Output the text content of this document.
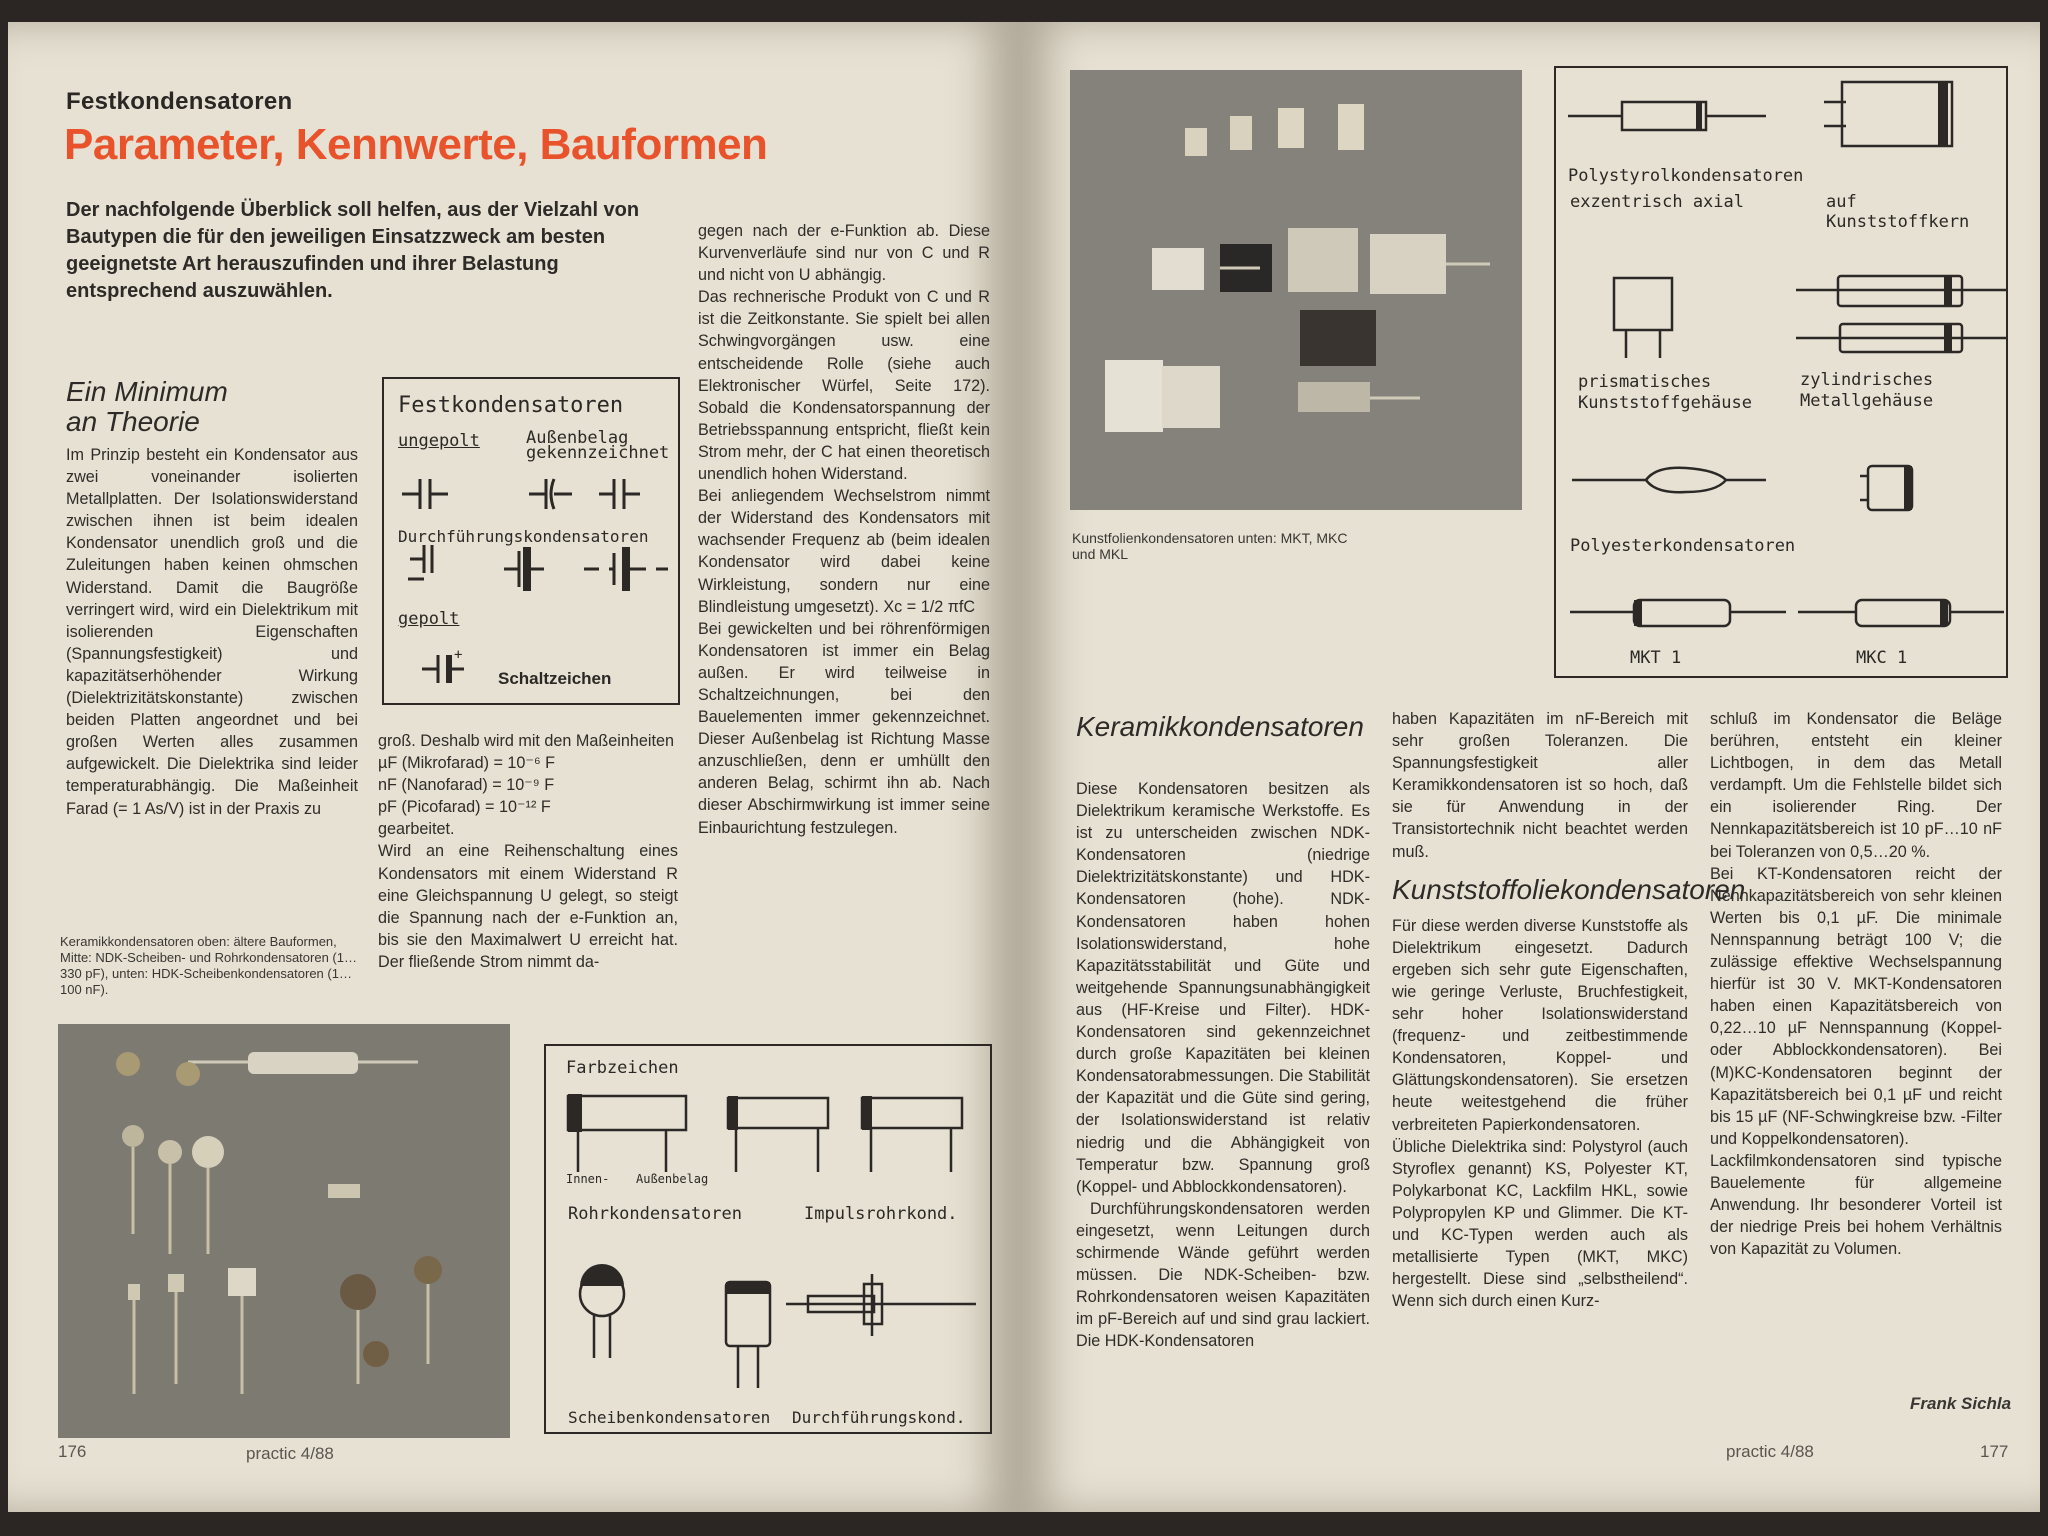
Festkondensatoren
Parameter, Kennwerte, Bauformen
Der nachfolgende Überblick soll helfen, aus der Vielzahl von Bautypen die für den jeweiligen Einsatzzweck am besten geeignetste Art herauszufinden und ihrer Belastung entsprechend auszuwählen.
Ein Minimum an Theorie
Im Prinzip besteht ein Kondensator aus zwei voneinander isolierten Metallplatten. Der Isolationswiderstand zwischen ihnen ist beim idealen Kondensator unendlich groß und die Zuleitungen haben keinen ohmschen Widerstand. Damit die Baugröße verringert wird, wird ein Dielektrikum mit isolierenden Eigenschaften (Spannungsfestigkeit) und kapazitätserhöhender Wirkung (Dielektrizitätskonstante) zwischen beiden Platten angeordnet und bei großen Werten alles zusammen aufgewickelt. Die Dielektrika sind leider temperaturabhängig. Die Maßeinheit Farad (= 1 As/V) ist in der Praxis zu
Festkondensatoren
ungepolt	Außenbelag gekennzeichnet
Durchführungskondensatoren
gepolt
Schaltzeichen
+

groß. Deshalb wird mit den Maßeinheiten

µF (Mikrofarad) = 10⁻⁶ F

nF (Nanofarad) = 10⁻⁹ F

pF (Picofarad) = 10⁻¹² F

gearbeitet.

Wird an eine Reihenschaltung eines Kondensators mit einem Widerstand R eine Gleichspannung U gelegt, so steigt die Spannung nach der e-Funktion an, bis sie den Maximalwert U erreicht hat. Der fließende Strom nimmt da-

gegen nach der e-Funktion ab. Diese Kurvenverläufe sind nur von C und R und nicht von U abhängig.

Das rechnerische Produkt von C und R ist die Zeitkonstante. Sie spielt bei allen Schwingvorgängen usw. eine entscheidende Rolle (siehe auch Elektronischer Würfel, Seite 172). Sobald die Kondensatorspannung der Betriebsspannung entspricht, fließt kein Strom mehr, der C hat einen theoretisch unendlich hohen Widerstand.

Bei anliegendem Wechselstrom nimmt der Widerstand des Kondensators mit wachsender Frequenz ab (beim idealen Kondensator wird dabei keine Wirkleistung, sondern nur eine Blindleistung umgesetzt). Xc = 1/2 πfC

Bei gewickelten und bei röhrenförmigen Kondensatoren ist immer ein Belag außen. Er wird teilweise in Schaltzeichnungen, bei den Bauelementen immer gekennzeichnet. Dieser Außenbelag ist Richtung Masse anzuschließen, denn er umhüllt den anderen Belag, schirmt ihn ab. Nach dieser Abschirmwirkung ist immer seine Einbaurichtung festzulegen.

Keramikkondensatoren oben: ältere Bauformen, Mitte: NDK-Scheiben- und Rohrkondensatoren (1…330 pF), unten: HDK-Scheibenkondensatoren (1…100 nF).
Farbzeichen
Innen- Außenbelag
Rohrkondensatoren	Impulsrohrkond.
Scheibenkondensatoren Durchführungskond.
176	practic 4/88
Kunstfolienkondensatoren unten: MKT, MKC und MKL
Polystyrolkondensatoren
exzentrisch axial	auf Kunststoffkern
prismatisches Kunststoffgehäuse
zylindrisches Metallgehäuse
Polyesterkondensatoren
MKT 1	MKC 1
Keramikkondensatoren

Diese Kondensatoren besitzen als Dielektrikum keramische Werkstoffe. Es ist zu unterscheiden zwischen NDK-Kondensatoren (niedrige Dielektrizitätskonstante) und HDK-Kondensatoren (hohe). NDK-Kondensatoren haben hohen Isolationswiderstand, hohe Kapazitätsstabilität und Güte und weitgehende Spannungsunabhängigkeit aus (HF-Kreise und Filter). HDK-Kondensatoren sind gekennzeichnet durch große Kapazitäten bei kleinen Kondensatorabmessungen. Die Stabilität der Kapazität und die Güte sind gering, der Isolationswiderstand ist relativ niedrig und die Abhängigkeit von Temperatur bzw. Spannung groß (Koppel- und Abblockkondensatoren).

Durchführungskondensatoren werden eingesetzt, wenn Leitungen durch schirmende Wände geführt werden müssen. Die NDK-Scheiben- bzw. Rohrkondensatoren weisen Kapazitäten im pF-Bereich auf und sind grau lackiert. Die HDK-Kondensatoren

haben Kapazitäten im nF-Bereich mit sehr großen Toleranzen. Die Spannungsfestigkeit aller Keramikkondensatoren ist so hoch, daß sie für Anwendung in der Transistortechnik nicht beachtet werden muß.

Kunststoffoliekondensatoren

Für diese werden diverse Kunststoffe als Dielektrikum eingesetzt. Dadurch ergeben sich sehr gute Eigenschaften, wie geringe Verluste, Bruchfestigkeit, sehr hoher Isolationswiderstand (frequenz- und zeitbestimmende Kondensatoren, Koppel- und Glättungskondensatoren). Sie ersetzen heute weitestgehend die früher verbreiteten Papierkondensatoren.

Übliche Dielektrika sind: Polystyrol (auch Styroflex genannt) KS, Polyester KT, Polykarbonat KC, Lackfilm HKL, sowie Polypropylen KP und Glimmer. Die KT- und KC-Typen werden auch als metallisierte Typen (MKT, MKC) hergestellt. Diese sind „selbstheilend“. Wenn sich durch einen Kurz-

schluß im Kondensator die Beläge berühren, entsteht ein kleiner Lichtbogen, in dem das Metall verdampft. Um die Fehlstelle bildet sich ein isolierender Ring. Der Nennkapazitätsbereich ist 10 pF…10 nF bei Toleranzen von 0,5…20 %.

Bei KT-Kondensatoren reicht der Nennkapazitätsbereich von sehr kleinen Werten bis 0,1 µF. Die minimale Nennspannung beträgt 100 V; die zulässige effektive Wechselspannung hierfür ist 30 V. MKT-Kondensatoren haben einen Kapazitätsbereich von 0,22…10 µF Nennspannung (Koppel- oder Abblockkondensatoren). Bei (M)KC-Kondensatoren beginnt der Kapazitätsbereich bei 0,1 µF und reicht bis 15 µF (NF-Schwingkreise bzw. -Filter und Koppelkondensatoren).

Lackfilmkondensatoren sind typische Bauelemente für allgemeine Anwendung. Ihr besonderer Vorteil ist der niedrige Preis bei hohem Verhältnis von Kapazität zu Volumen.

Frank Sichla
practic 4/88	177
